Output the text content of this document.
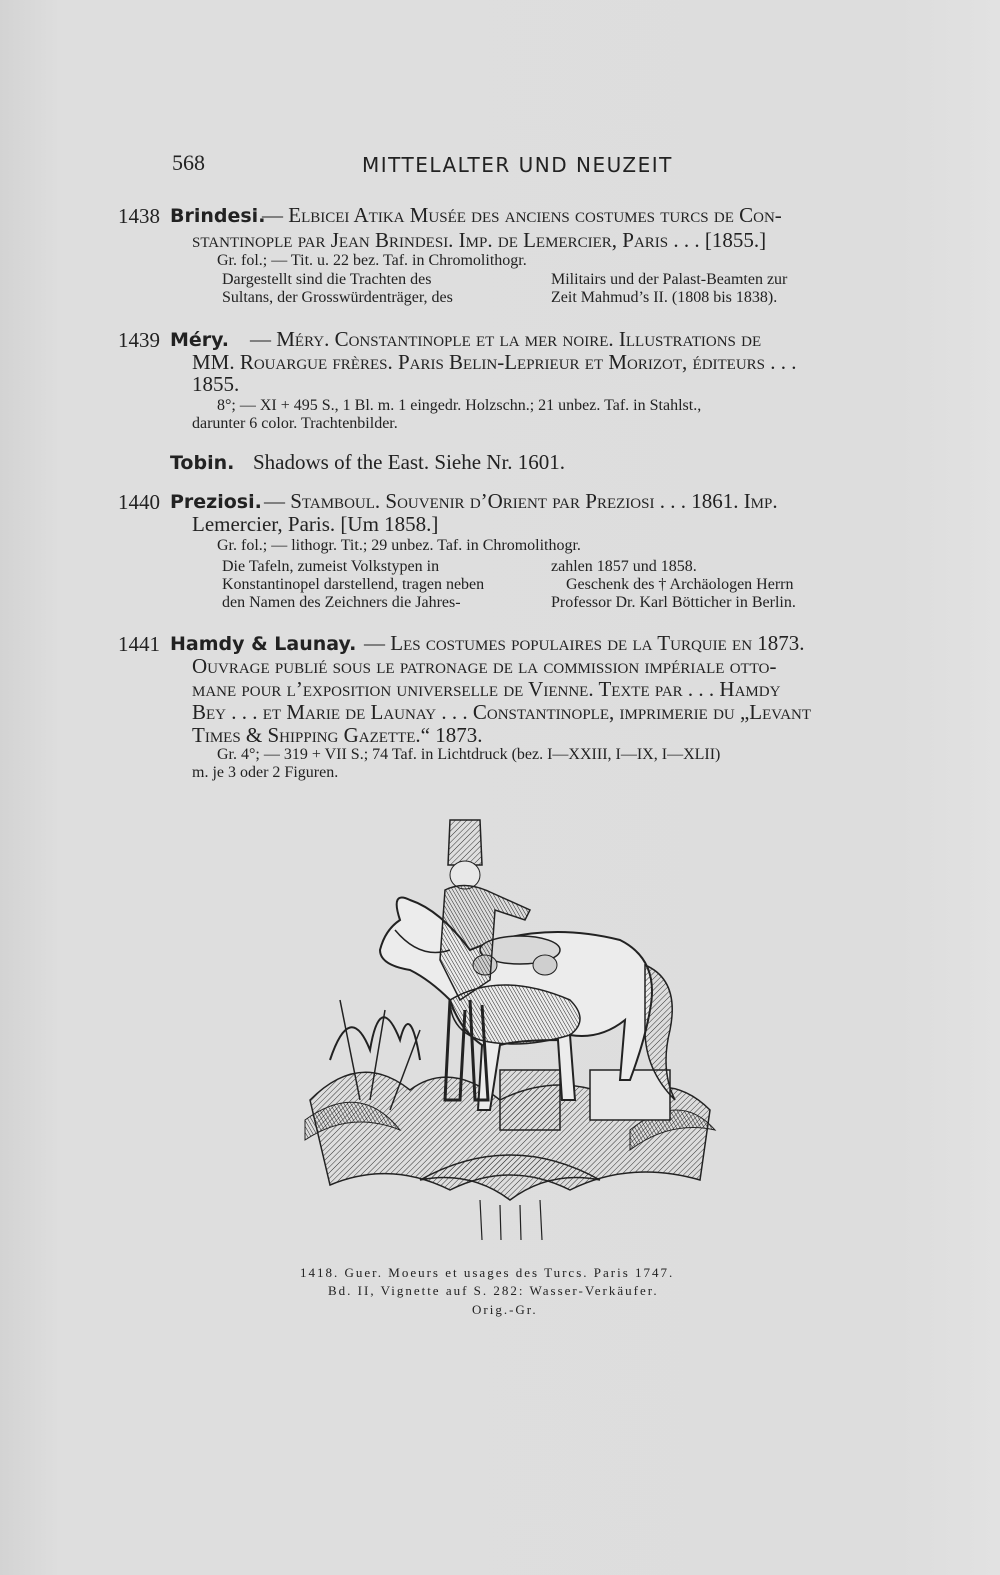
568	MITTELALTER UND NEUZEIT
1438 Brindesi.
— Elbicei Atika Musée des anciens costumes turcs de Con-
stantinople par Jean Brindesi. Imp. de Lemercier, Paris . . . [1855.]
Gr. fol.; — Tit. u. 22 bez. Taf. in Chromolithogr.
Dargestellt sind die Trachten des
Sultans, der Grosswürdenträger, des
Militairs und der Palast-Beamten zur
Zeit Mahmud’s II. (1808 bis 1838).
1439 Méry. — Méry. Constantinople et la mer noire. Illustrations de
MM. Rouargue frères. Paris Belin-Leprieur et Morizot, éditeurs . . .
1855.
8°; — XI + 495 S., 1 Bl. m. 1 eingedr. Holzschn.; 21 unbez. Taf. in Stahlst.,
darunter 6 color. Trachtenbilder.
Tobin. Shadows of the East. Siehe Nr. 1601.
1440 Preziosi. — Stamboul. Souvenir d’Orient par Preziosi . . . 1861. Imp.
Lemercier, Paris. [Um 1858.]
Gr. fol.; — lithogr. Tit.; 29 unbez. Taf. in Chromolithogr.
Die Tafeln, zumeist Volkstypen in
Konstantinopel darstellend, tragen neben
den Namen des Zeichners die Jahres-
zahlen 1857 und 1858.
Geschenk des † Archäologen Herrn
Professor Dr. Karl Bötticher in Berlin.
1441 Hamdy & Launay. — Les costumes populaires de la Turquie en 1873.
Ouvrage publié sous le patronage de la commission impériale otto-
mane pour l’exposition universelle de Vienne. Texte par . . . Hamdy
Bey . . . et Marie de Launay . . . Constantinople, imprimerie du „Levant
Times & Shipping Gazette.“ 1873.
Gr. 4°; — 319 + VII S.; 74 Taf. in Lichtdruck (bez. I—XXIII, I—IX, I—XLII)
m. je 3 oder 2 Figuren.
1418. Guer. Moeurs et usages des Turcs. Paris 1747.
Bd. II, Vignette auf S. 282: Wasser-Verkäufer.
Orig.-Gr.
